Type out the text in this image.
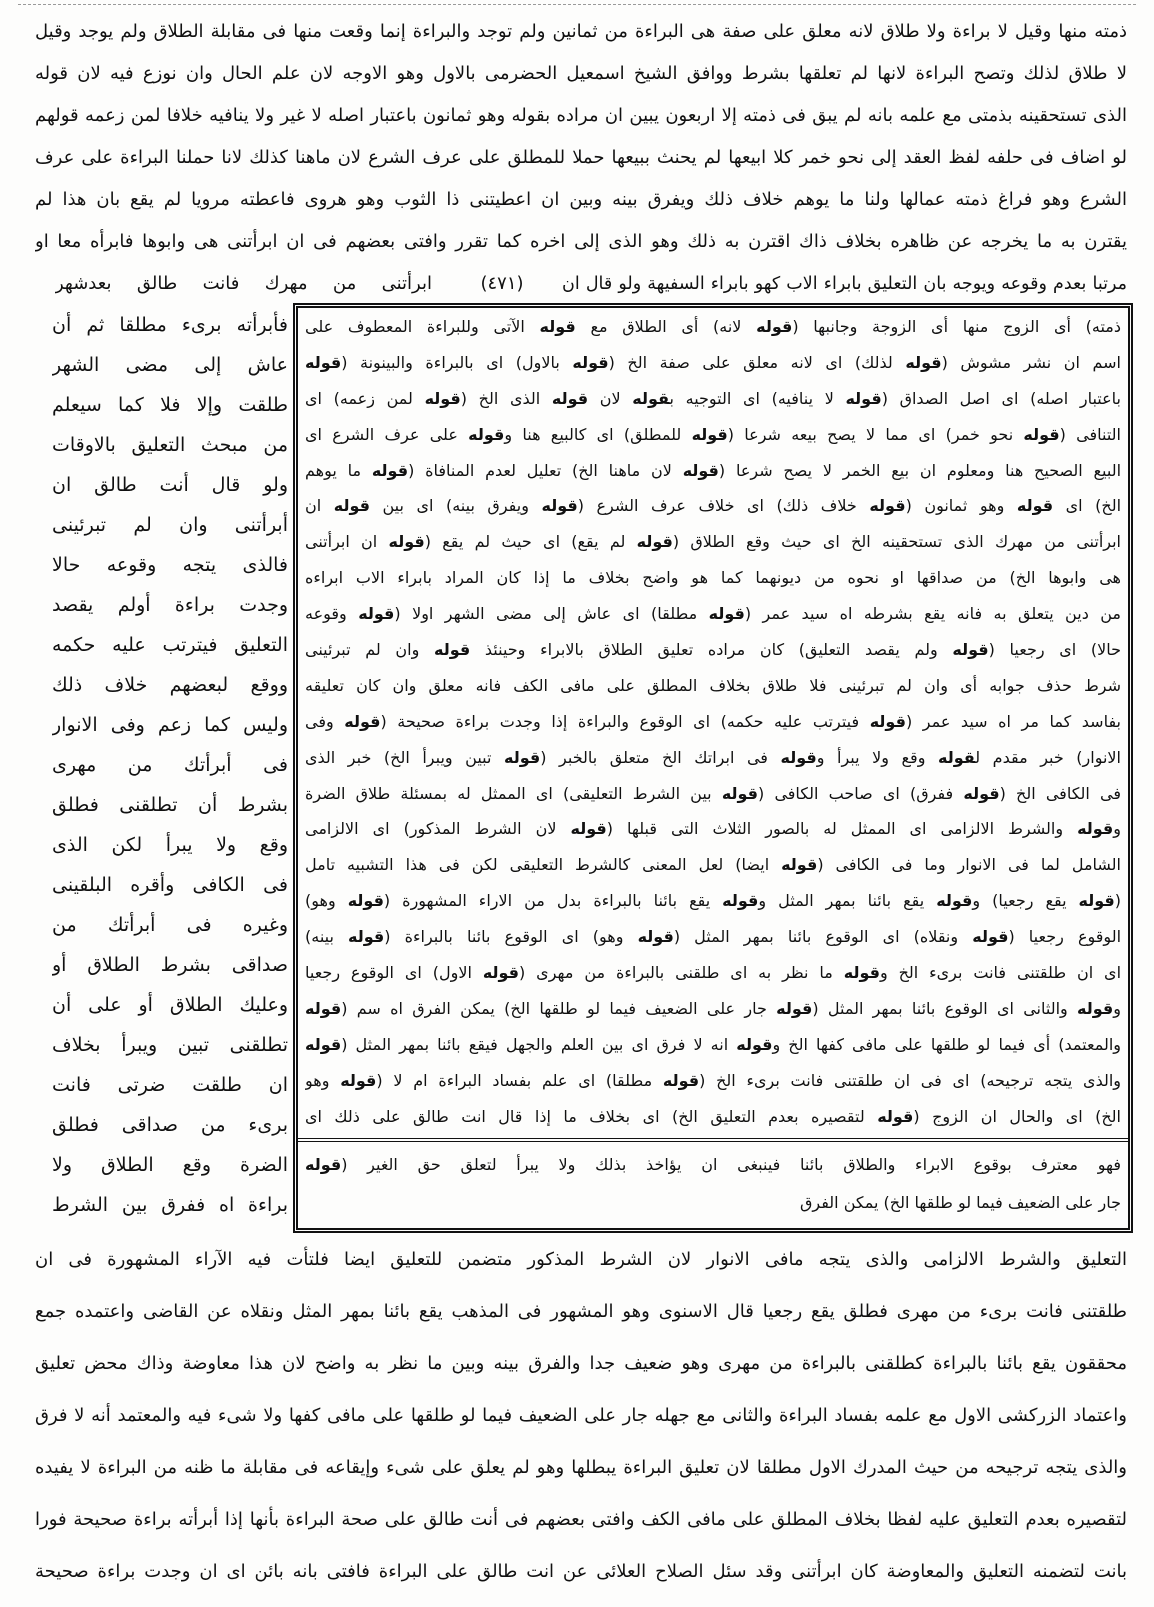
ذمته منها وقيل لا براءة ولا طلاق لانه معلق على صفة هى البراءة من ثمانين ولم توجد والبراءة إنما وقعت منها فى مقابلة الطلاق ولم يوجد وقيل
لا طلاق لذلك وتصح البراءة لانها لم تعلقها بشرط ووافق الشيخ اسمعيل الحضرمى بالاول وهو الاوجه لان علم الحال وان نوزع فيه لان قوله
الذى تستحقينه بذمتى مع علمه بانه لم يبق فى ذمته إلا اربعون يبين ان مراده بقوله وهو ثمانون باعتبار اصله لا غير ولا ينافيه خلافا لمن زعمه قولهم
لو اضاف فى حلفه لفظ العقد إلى نحو خمر كلا ابيعها لم يحنث ببيعها حملا للمطلق على عرف الشرع لان ماهنا كذلك لانا حملنا البراءة على عرف
الشرع وهو فراغ ذمته عمالها ولنا ما يوهم خلاف ذلك ويفرق بينه وبين ان اعطيتنى ذا الثوب وهو هروى فاعطته مرويا لم يقع بان هذا لم
يقترن به ما يخرجه عن ظاهره بخلاف ذاك اقترن به ذلك وهو الذى إلى اخره كما تقرر وافتى بعضهم فى ان ابرأتنى هى وابوها فابرأه معا او
مرتبا بعدم وقوعه ويوجه بان التعليق بابراء الاب كهو بابراء السفيهة ولو قال ان
(٤٧١)
ابرأتنى من مهرك فانت طالق بعدشهر
ذمته) أى الزوج منها أى الزوجة وجانبها (قوله لانه) أى الطلاق مع قوله الآتى وللبراءة المعطوف على
اسم ان نشر مشوش (قوله لذلك) اى لانه معلق على صفة الخ (قوله بالاول) اى بالبراءة والبينونة (قوله
باعتبار اصله) اى اصل الصداق (قوله لا ينافيه) اى التوجيه بقوله لان قوله الذى الخ (قوله لمن زعمه) اى
التنافى (قوله نحو خمر) اى مما لا يصح بيعه شرعا (قوله للمطلق) اى كالبيع هنا وقوله على عرف الشرع اى
البيع الصحيح هنا ومعلوم ان بيع الخمر لا يصح شرعا (قوله لان ماهنا الخ) تعليل لعدم المنافاة (قوله ما يوهم
الخ) اى قوله وهو ثمانون (قوله خلاف ذلك) اى خلاف عرف الشرع (قوله ويفرق بينه) اى بين قوله ان
ابرأتنى من مهرك الذى تستحقينه الخ اى حيث وقع الطلاق (قوله لم يقع) اى حيث لم يقع (قوله ان ابرأتنى
هى وابوها الخ) من صداقها او نحوه من ديونهما كما هو واضح بخلاف ما إذا كان المراد بابراء الاب ابراءه
من دين يتعلق به فانه يقع بشرطه اه سيد عمر (قوله مطلقا) اى عاش إلى مضى الشهر اولا (قوله وقوعه
حالا) اى رجعيا (قوله ولم يقصد التعليق) كان مراده تعليق الطلاق بالابراء وحينئذ قوله وان لم تبرئينى
شرط حذف جوابه أى وان لم تبرئينى فلا طلاق بخلاف المطلق على مافى الكف فانه معلق وان كان تعليقه
بفاسد كما مر اه سيد عمر (قوله فيترتب عليه حكمه) اى الوقوع والبراءة إذا وجدت براءة صحيحة (قوله وفى
الانوار) خبر مقدم لقوله وقع ولا يبرأ وقوله فى ابراتك الخ متعلق بالخبر (قوله تبين ويبرأ الخ) خبر الذى
فى الكافى الخ (قوله ففرق) اى صاحب الكافى (قوله بين الشرط التعليقى) اى الممثل له بمسئلة طلاق الضرة
وقوله والشرط الالزامى اى الممثل له بالصور الثلاث التى قبلها (قوله لان الشرط المذكور) اى الالزامى
الشامل لما فى الانوار وما فى الكافى (قوله ايضا) لعل المعنى كالشرط التعليقى لكن فى هذا التشبيه تامل
(قوله يقع رجعيا) وقوله يقع بائنا بمهر المثل وقوله يقع بائنا بالبراءة بدل من الاراء المشهورة (قوله وهو)
الوقوع رجعيا (قوله ونقلاه) اى الوقوع بائنا بمهر المثل (قوله وهو) اى الوقوع بائنا بالبراءة (قوله بينه)
اى ان طلقتنى فانت برىء الخ وقوله ما نظر به اى طلقنى بالبراءة من مهرى (قوله الاول) اى الوقوع رجعيا
وقوله والثانى اى الوقوع بائنا بمهر المثل (قوله جار على الضعيف فيما لو طلقها الخ) يمكن الفرق اه سم (قوله
والمعتمد) أى فيما لو طلقها على مافى كفها الخ وقوله انه لا فرق اى بين العلم والجهل فيقع بائنا بمهر المثل (قوله
والذى يتجه ترجيحه) اى فى ان طلقتنى فانت برىء الخ (قوله مطلقا) اى علم بفساد البراءة ام لا (قوله وهو
الخ) اى والحال ان الزوج (قوله لتقصيره بعدم التعليق الخ) اى بخلاف ما إذا قال انت طالق على ذلك اى
فهو معترف بوقوع الابراء والطلاق بائنا فينبغى ان يؤاخذ بذلك ولا يبرأ لتعلق حق الغير (قوله
جار على الضعيف فيما لو طلقها الخ) يمكن الفرق
فأبرأته برىء مطلقا ثم أن
عاش إلى مضى الشهر
طلقت وإلا فلا كما سيعلم
من مبحث التعليق بالاوقات
ولو قال أنت طالق ان
أبرأتنى وان لم تبرئينى
فالذى يتجه وقوعه حالا
وجدت براءة أولم يقصد
التعليق فيترتب عليه حكمه
ووقع لبعضهم خلاف ذلك
وليس كما زعم وفى الانوار
فى أبرأتك من مهرى
بشرط أن تطلقنى فطلق
وقع ولا يبرأ لكن الذى
فى الكافى وأقره البلقينى
وغيره فى أبرأتك من
صداقى بشرط الطلاق أو
وعليك الطلاق أو على أن
تطلقنى تبين ويبرأ بخلاف
ان طلقت ضرتى فانت
برىء من صداقى فطلق
الضرة وقع الطلاق ولا
براءة اه ففرق بين الشرط
التعليق والشرط الالزامى والذى يتجه مافى الانوار لان الشرط المذكور متضمن للتعليق ايضا فلتأت فيه الآراء المشهورة فى ان
طلقتنى فانت برىء من مهرى فطلق يقع رجعيا قال الاسنوى وهو المشهور فى المذهب يقع بائنا بمهر المثل ونقلاه عن القاضى واعتمده جمع
محققون يقع بائنا بالبراءة كطلقنى بالبراءة من مهرى وهو ضعيف جدا والفرق بينه وبين ما نظر به واضح لان هذا معاوضة وذاك محض تعليق
واعتماد الزركشى الاول مع علمه بفساد البراءة والثانى مع جهله جار على الضعيف فيما لو طلقها على مافى كفها ولا شىء فيه والمعتمد أنه لا فرق
والذى يتجه ترجيحه من حيث المدرك الاول مطلقا لان تعليق البراءة يبطلها وهو لم يعلق على شىء وإيقاعه فى مقابلة ما ظنه من البراءة لا يفيده
لتقصيره بعدم التعليق عليه لفظا بخلاف المطلق على مافى الكف وافتى بعضهم فى أنت طالق على صحة البراءة بأنها إذا أبرأته براءة صحيحة فورا
بانت لتضمنه التعليق والمعاوضة كان ابرأتنى وقد سئل الصلاح العلائى عن انت طالق على البراءة فافتى بانه بائن اى ان وجدت براءة صحيحة
